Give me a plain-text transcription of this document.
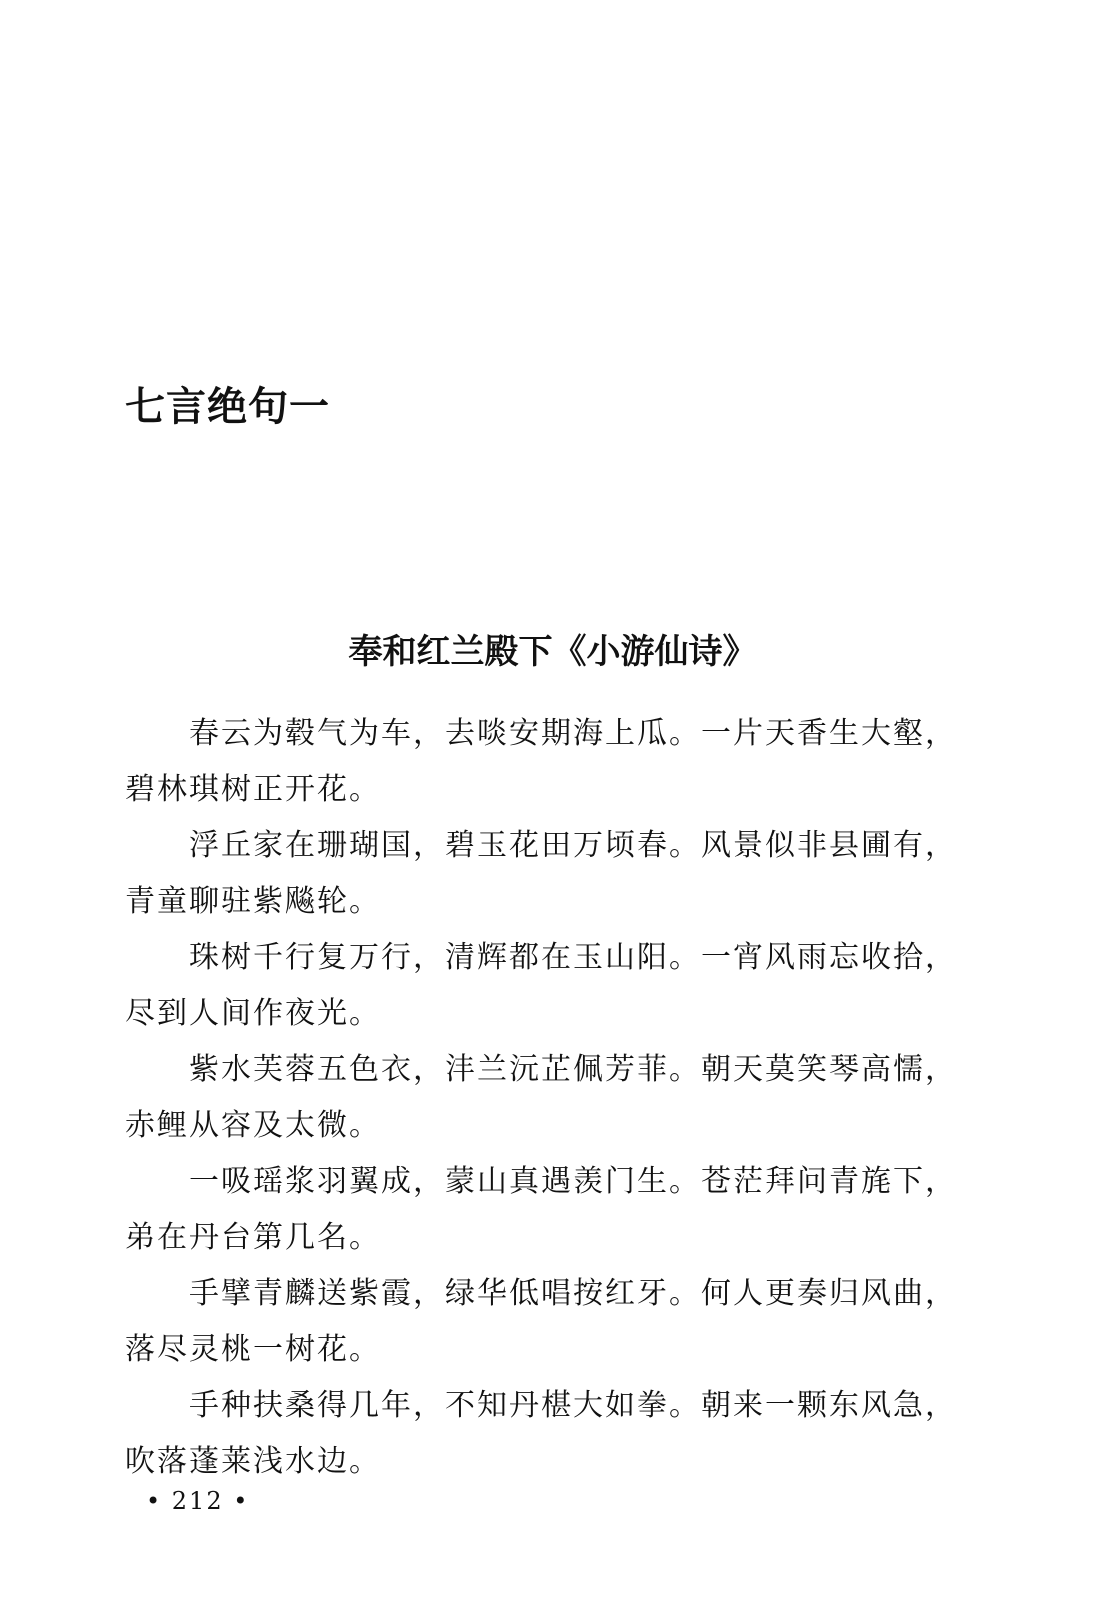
七言绝句一
奉和红兰殿下《小游仙诗》
春云为毂气为车，去啖安期海上瓜。一片天香生大壑，
碧林琪树正开花。
浮丘家在珊瑚国，碧玉花田万顷春。风景似非县圃有，
青童聊驻紫飚轮。
珠树千行复万行，清辉都在玉山阳。一宵风雨忘收拾，
尽到人间作夜光。
紫水芙蓉五色衣，沣兰沅芷佩芳菲。朝天莫笑琴高懦，
赤鲤从容及太微。
一吸瑶浆羽翼成，蒙山真遇羡门生。苍茫拜问青旄下，
弟在丹台第几名。
手擘青麟送紫霞，绿华低唱按红牙。何人更奏归风曲，
落尽灵桃一树花。
手种扶桑得几年，不知丹椹大如拳。朝来一颗东风急，
吹落蓬莱浅水边。
• 212 •
